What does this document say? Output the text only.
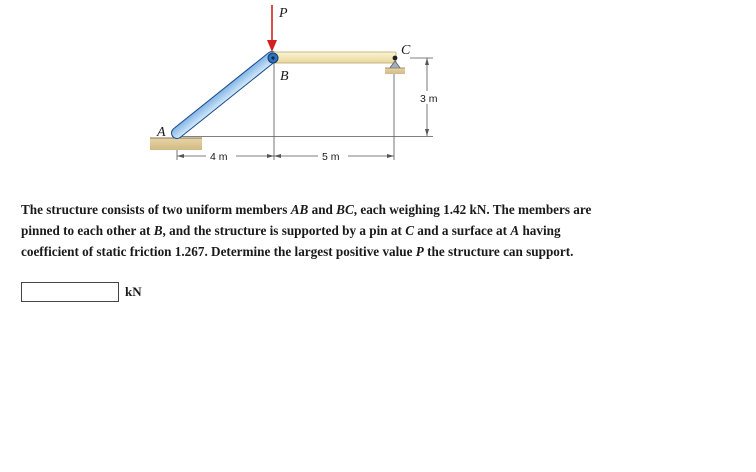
P
A
B
C
4 m	5 m
3 m

The structure consists of two uniform members AB and BC, each weighing 1.42 kN. The members are pinned to each other at B, and the structure is supported by a pin at C and a surface at A having coefficient of static friction 1.267. Determine the largest positive value P the structure can support.

kN
